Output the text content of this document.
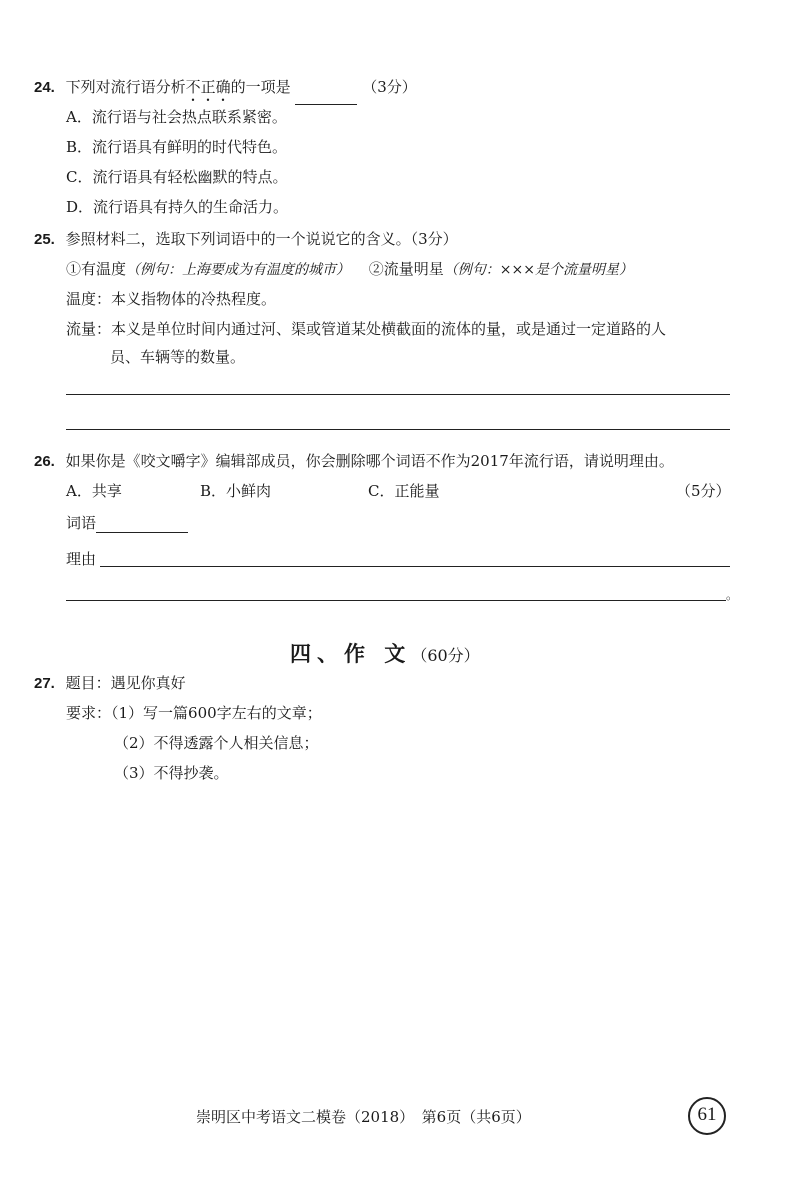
24. 下列对流行语分析不正确的一项是	（3分）
A．流行语与社会热点联系紧密。
B．流行语具有鲜明的时代特色。
C．流行语具有轻松幽默的特点。
D．流行语具有持久的生命活力。
25. 参照材料二，选取下列词语中的一个说说它的含义。（3分）
①有温度（例句：上海要成为有温度的城市） ②流量明星（例句：×××是个流量明星）
温度：本义指物体的冷热程度。
流量：本义是单位时间内通过河、渠或管道某处横截面的流体的量，或是通过一定道路的人
员、车辆等的数量。
26. 如果你是《咬文嚼字》编辑部成员，你会删除哪个词语不作为2017年流行语，请说明理由。
A．共享	B．小鲜肉	C．正能量	（5分）
词语
理由
。
四、作 文（60分）
27. 题目：遇见你真好
要求：（1）写一篇600字左右的文章；
（2）不得透露个人相关信息；
（3）不得抄袭。
崇明区中考语文二模卷（2018）　第6页（共6页）	61
